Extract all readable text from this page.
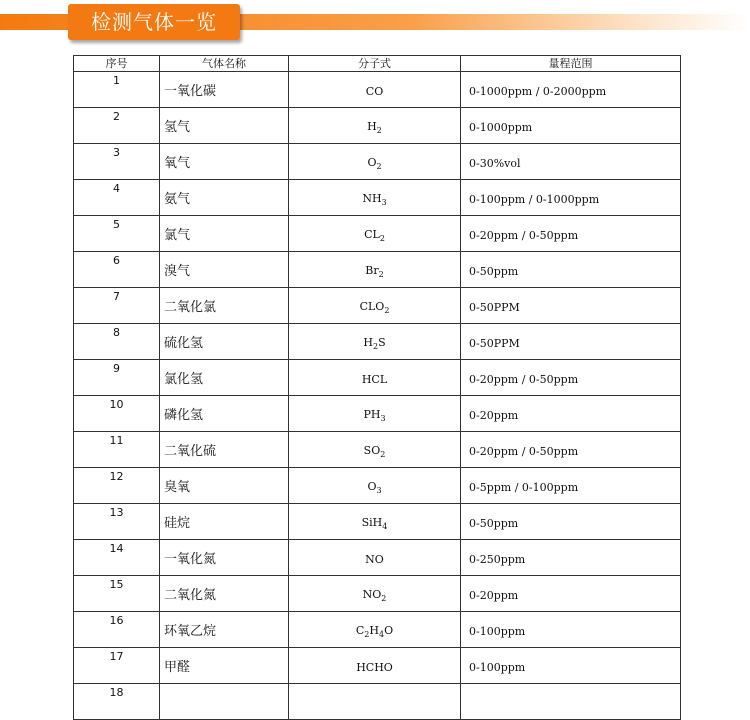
检测气体一览
序号	气体名称	分子式	量程范围
1	一氧化碳	CO	0-1000ppm / 0-2000ppm
2	氢气	$H_2$	0-1000ppm
3	氧气	$O_2$	0-30%vol
4	氨气	$NH_3$	0-100ppm / 0-1000ppm
5	氯气	$CL_2$	0-20ppm / 0-50ppm
6	溴气	$Br_2$	0-50ppm
7	二氧化氯	$CLO_2$	0-50PPM
8	硫化氢	$H_2S$	0-50PPM
9	氯化氢	HCL	0-20ppm / 0-50ppm
10	磷化氢	$PH_3$	0-20ppm
11	二氧化硫	$SO_2$	0-20ppm / 0-50ppm
12	臭氧	$O_3$	0-5ppm / 0-100ppm
13	硅烷	SiH$_4$	0-50ppm
14	一氧化氮	NO	0-250ppm
15	二氧化氮	$NO_2$	0-20ppm
16	环氧乙烷	$C_2H_4O$	0-100ppm
17	甲醛	HCHO	0-100ppm
18			
